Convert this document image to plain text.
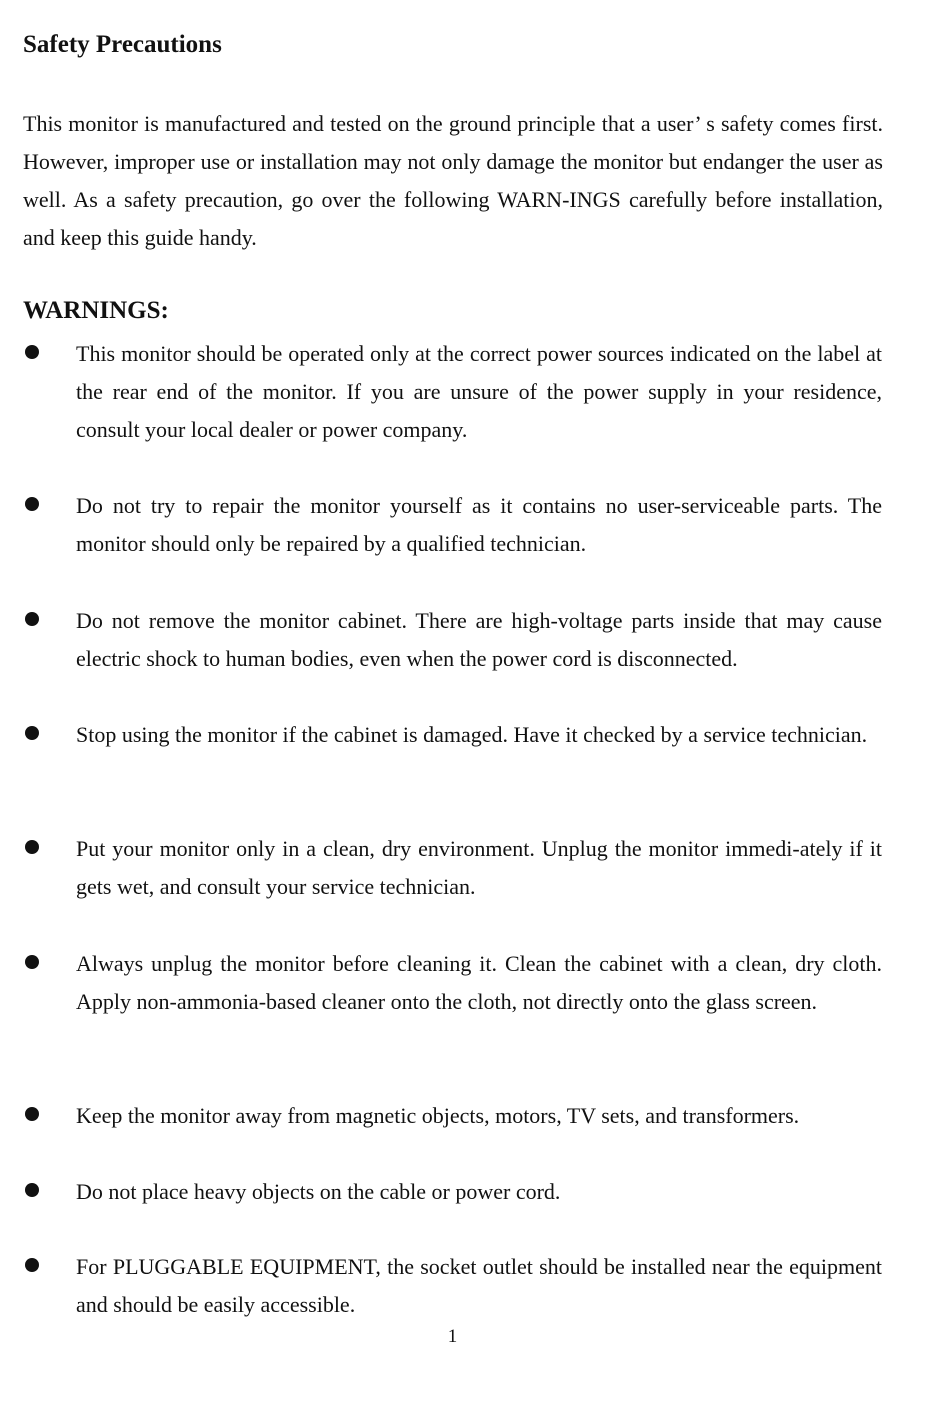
Safety Precautions

This monitor is manufactured and tested on the ground principle that a user’ s safety comes first. However, improper use or installation may not only damage the monitor but endanger the user as well. As a safety precaution, go over the following WARN-INGS carefully before installation, and keep this guide handy.

WARNINGS:

This monitor should be operated only at the correct power sources indicated on the label at the rear end of the monitor. If you are unsure of the power supply in your residence, consult your local dealer or power company.

Do not try to repair the monitor yourself as it contains no user-serviceable parts. The monitor should only be repaired by a qualified technician.

Do not remove the monitor cabinet. There are high-voltage parts inside that may cause electric shock to human bodies, even when the power cord is disconnected.

Stop using the monitor if the cabinet is damaged. Have it checked by a service technician.

Put your monitor only in a clean, dry environment. Unplug the monitor immedi-ately if it gets wet, and consult your service technician.

Always unplug the monitor before cleaning it. Clean the cabinet with a clean, dry cloth. Apply non-ammonia-based cleaner onto the cloth, not directly onto the glass screen.

Keep the monitor away from magnetic objects, motors, TV sets, and transformers.

Do not place heavy objects on the cable or power cord.

For PLUGGABLE EQUIPMENT, the socket outlet should be installed near the equipment and should be easily accessible.

1
